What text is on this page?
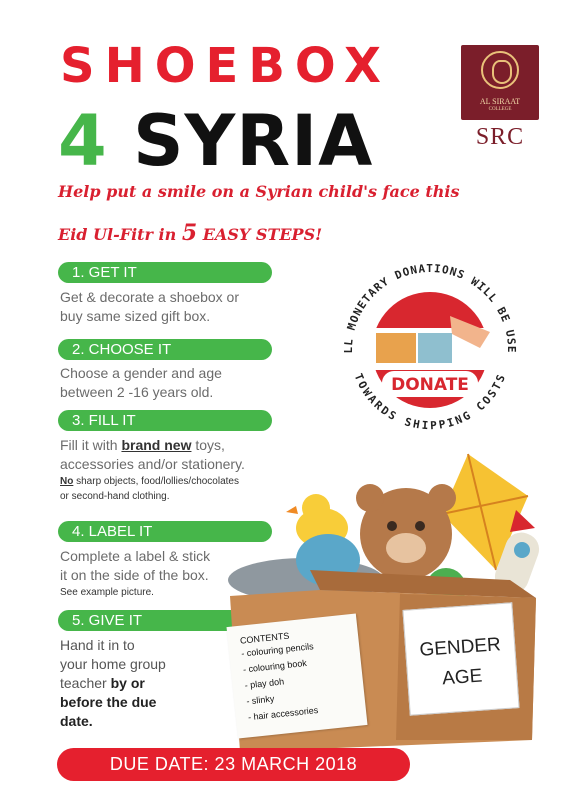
SHOEBOX
4 SYRIA	AL SIRAAT
COLLEGE
SRC
Help put a smile on a Syrian child's face this
Eid Ul-Fitr in 5 EASY STEPS!
1. GET IT
Get & decorate a shoebox or
buy same sized gift box.
2. CHOOSE IT
Choose a gender and age
between 2 -16 years old.
3. FILL IT
Fill it with brand new toys,
accessories and/or stationery.
No sharp objects, food/lollies/chocolates
or second-hand clothing.
4. LABEL IT
Complete a label & stick
it on the side of the box.
See example picture.
5. GIVE IT
Hand it in to
your home group
teacher by or
before the due
date.
DONATE
LL MONETARY DONATIONS WILL BE USE
TOWARDS SHIPPING COSTS
CONTENTS
- colouring pencils
- colouring book
- play doh
- slinky
- hair accessories
GENDER
AGE
DUE DATE: 23 MARCH 2018
